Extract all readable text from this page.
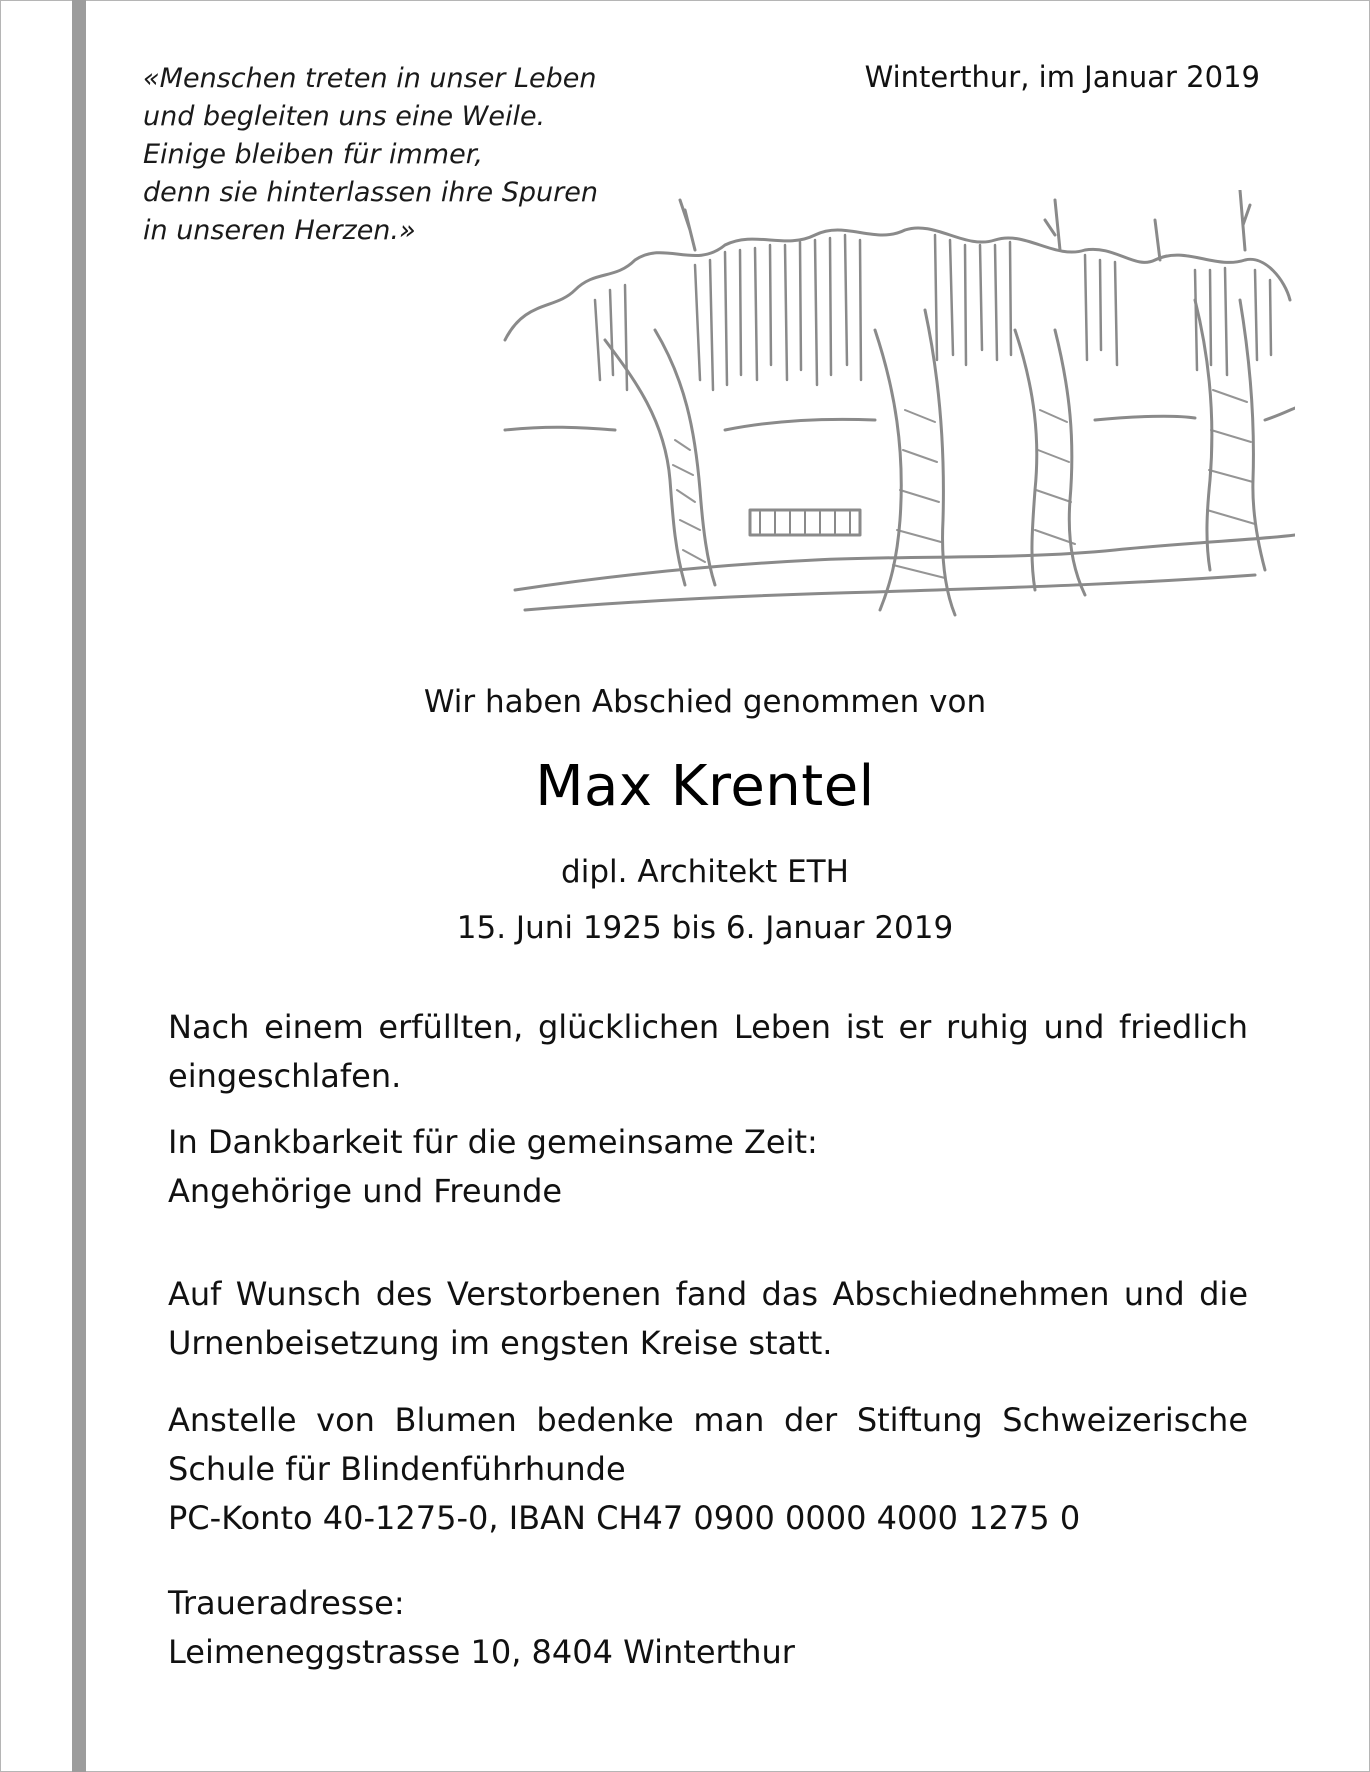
«Menschen treten in unser Leben
und begleiten uns eine Weile.
Einige bleiben für immer,
denn sie hinterlassen ihre Spuren
in unseren Herzen.»
Winterthur, im Januar 2019
Wir haben Abschied genommen von
Max Krentel
dipl. Architekt ETH
15. Juni 1925 bis 6. Januar 2019
Nach einem erfüllten, glücklichen Leben ist er ruhig und friedlich
eingeschlafen.
In Dankbarkeit für die gemeinsame Zeit:
Angehörige und Freunde
Auf Wunsch des Verstorbenen fand das Abschiednehmen und die
Urnenbeisetzung im engsten Kreise statt.
Anstelle von Blumen bedenke man der Stiftung Schweizerische
Schule für Blindenführhunde
PC-Konto 40-1275-0, IBAN CH47 0900 0000 4000 1275 0
Traueradresse:
Leimeneggstrasse 10, 8404 Winterthur
